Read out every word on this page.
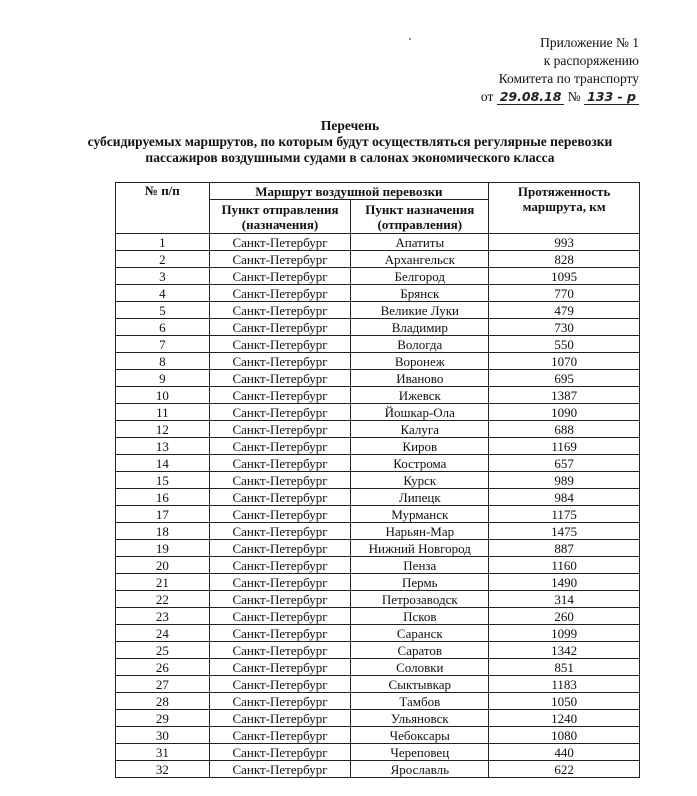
Приложение № 1
к распоряжению
Комитета по транспорту
от 29.08.18 № 133 - р
Перечень
субсидируемых маршрутов, по которым будут осуществляться регулярные перевозки
пассажиров воздушными судами в салонах экономического класса
№ п/п	Маршрут воздушной перевозки		Протяженность маршрута, км
	Пункт отправления (назначения)	Пункт назначения (отправления)	
1	Санкт-Петербург	Апатиты	993
2	Санкт-Петербург	Архангельск	828
3	Санкт-Петербург	Белгород	1095
4	Санкт-Петербург	Брянск	770
5	Санкт-Петербург	Великие Луки	479
6	Санкт-Петербург	Владимир	730
7	Санкт-Петербург	Вологда	550
8	Санкт-Петербург	Воронеж	1070
9	Санкт-Петербург	Иваново	695
10	Санкт-Петербург	Ижевск	1387
11	Санкт-Петербург	Йошкар-Ола	1090
12	Санкт-Петербург	Калуга	688
13	Санкт-Петербург	Киров	1169
14	Санкт-Петербург	Кострома	657
15	Санкт-Петербург	Курск	989
16	Санкт-Петербург	Липецк	984
17	Санкт-Петербург	Мурманск	1175
18	Санкт-Петербург	Нарьян-Мар	1475
19	Санкт-Петербург	Нижний Новгород	887
20	Санкт-Петербург	Пенза	1160
21	Санкт-Петербург	Пермь	1490
22	Санкт-Петербург	Петрозаводск	314
23	Санкт-Петербург	Псков	260
24	Санкт-Петербург	Саранск	1099
25	Санкт-Петербург	Саратов	1342
26	Санкт-Петербург	Соловки	851
27	Санкт-Петербург	Сыктывкар	1183
28	Санкт-Петербург	Тамбов	1050
29	Санкт-Петербург	Ульяновск	1240
30	Санкт-Петербург	Чебоксары	1080
31	Санкт-Петербург	Череповец	440
32	Санкт-Петербург	Ярославль	622
